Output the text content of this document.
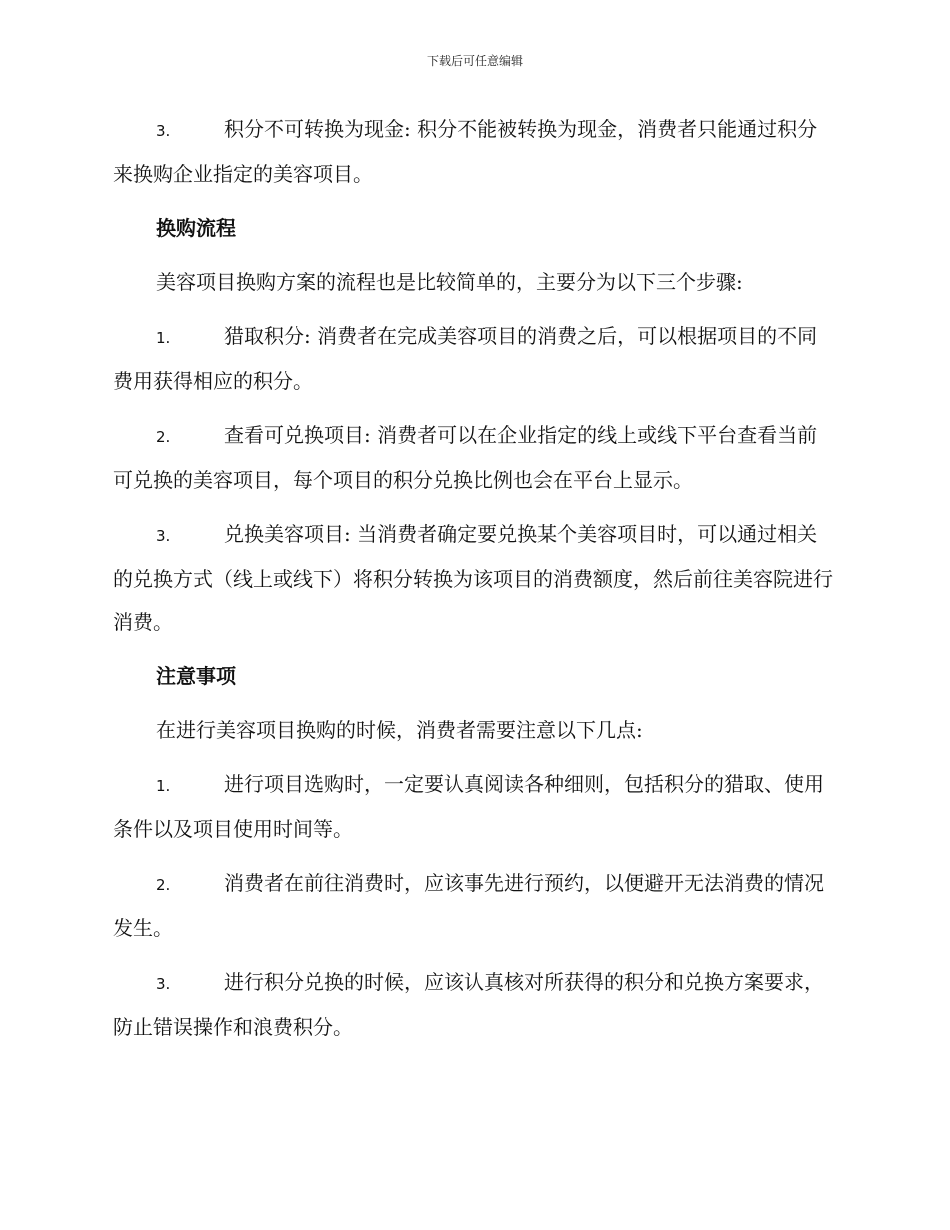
下载后可任意编辑
3.	积分不可转换为现金: 积分不能被转换为现金，消费者只能通过积分来换购企业指定的美容项目。
换购流程
美容项目换购方案的流程也是比较简单的，主要分为以下三个步骤:
1.	猎取积分: 消费者在完成美容项目的消费之后，可以根据项目的不同费用获得相应的积分。
2.	查看可兑换项目: 消费者可以在企业指定的线上或线下平台查看当前可兑换的美容项目，每个项目的积分兑换比例也会在平台上显示。
3.	兑换美容项目: 当消费者确定要兑换某个美容项目时，可以通过相关的兑换方式（线上或线下）将积分转换为该项目的消费额度，然后前往美容院进行消费。
注意事项
在进行美容项目换购的时候，消费者需要注意以下几点:
1.	进行项目选购时，一定要认真阅读各种细则，包括积分的猎取、使用条件以及项目使用时间等。
2.	消费者在前往消费时，应该事先进行预约，以便避开无法消费的情况发生。
3.	进行积分兑换的时候，应该认真核对所获得的积分和兑换方案要求，防止错误操作和浪费积分。
